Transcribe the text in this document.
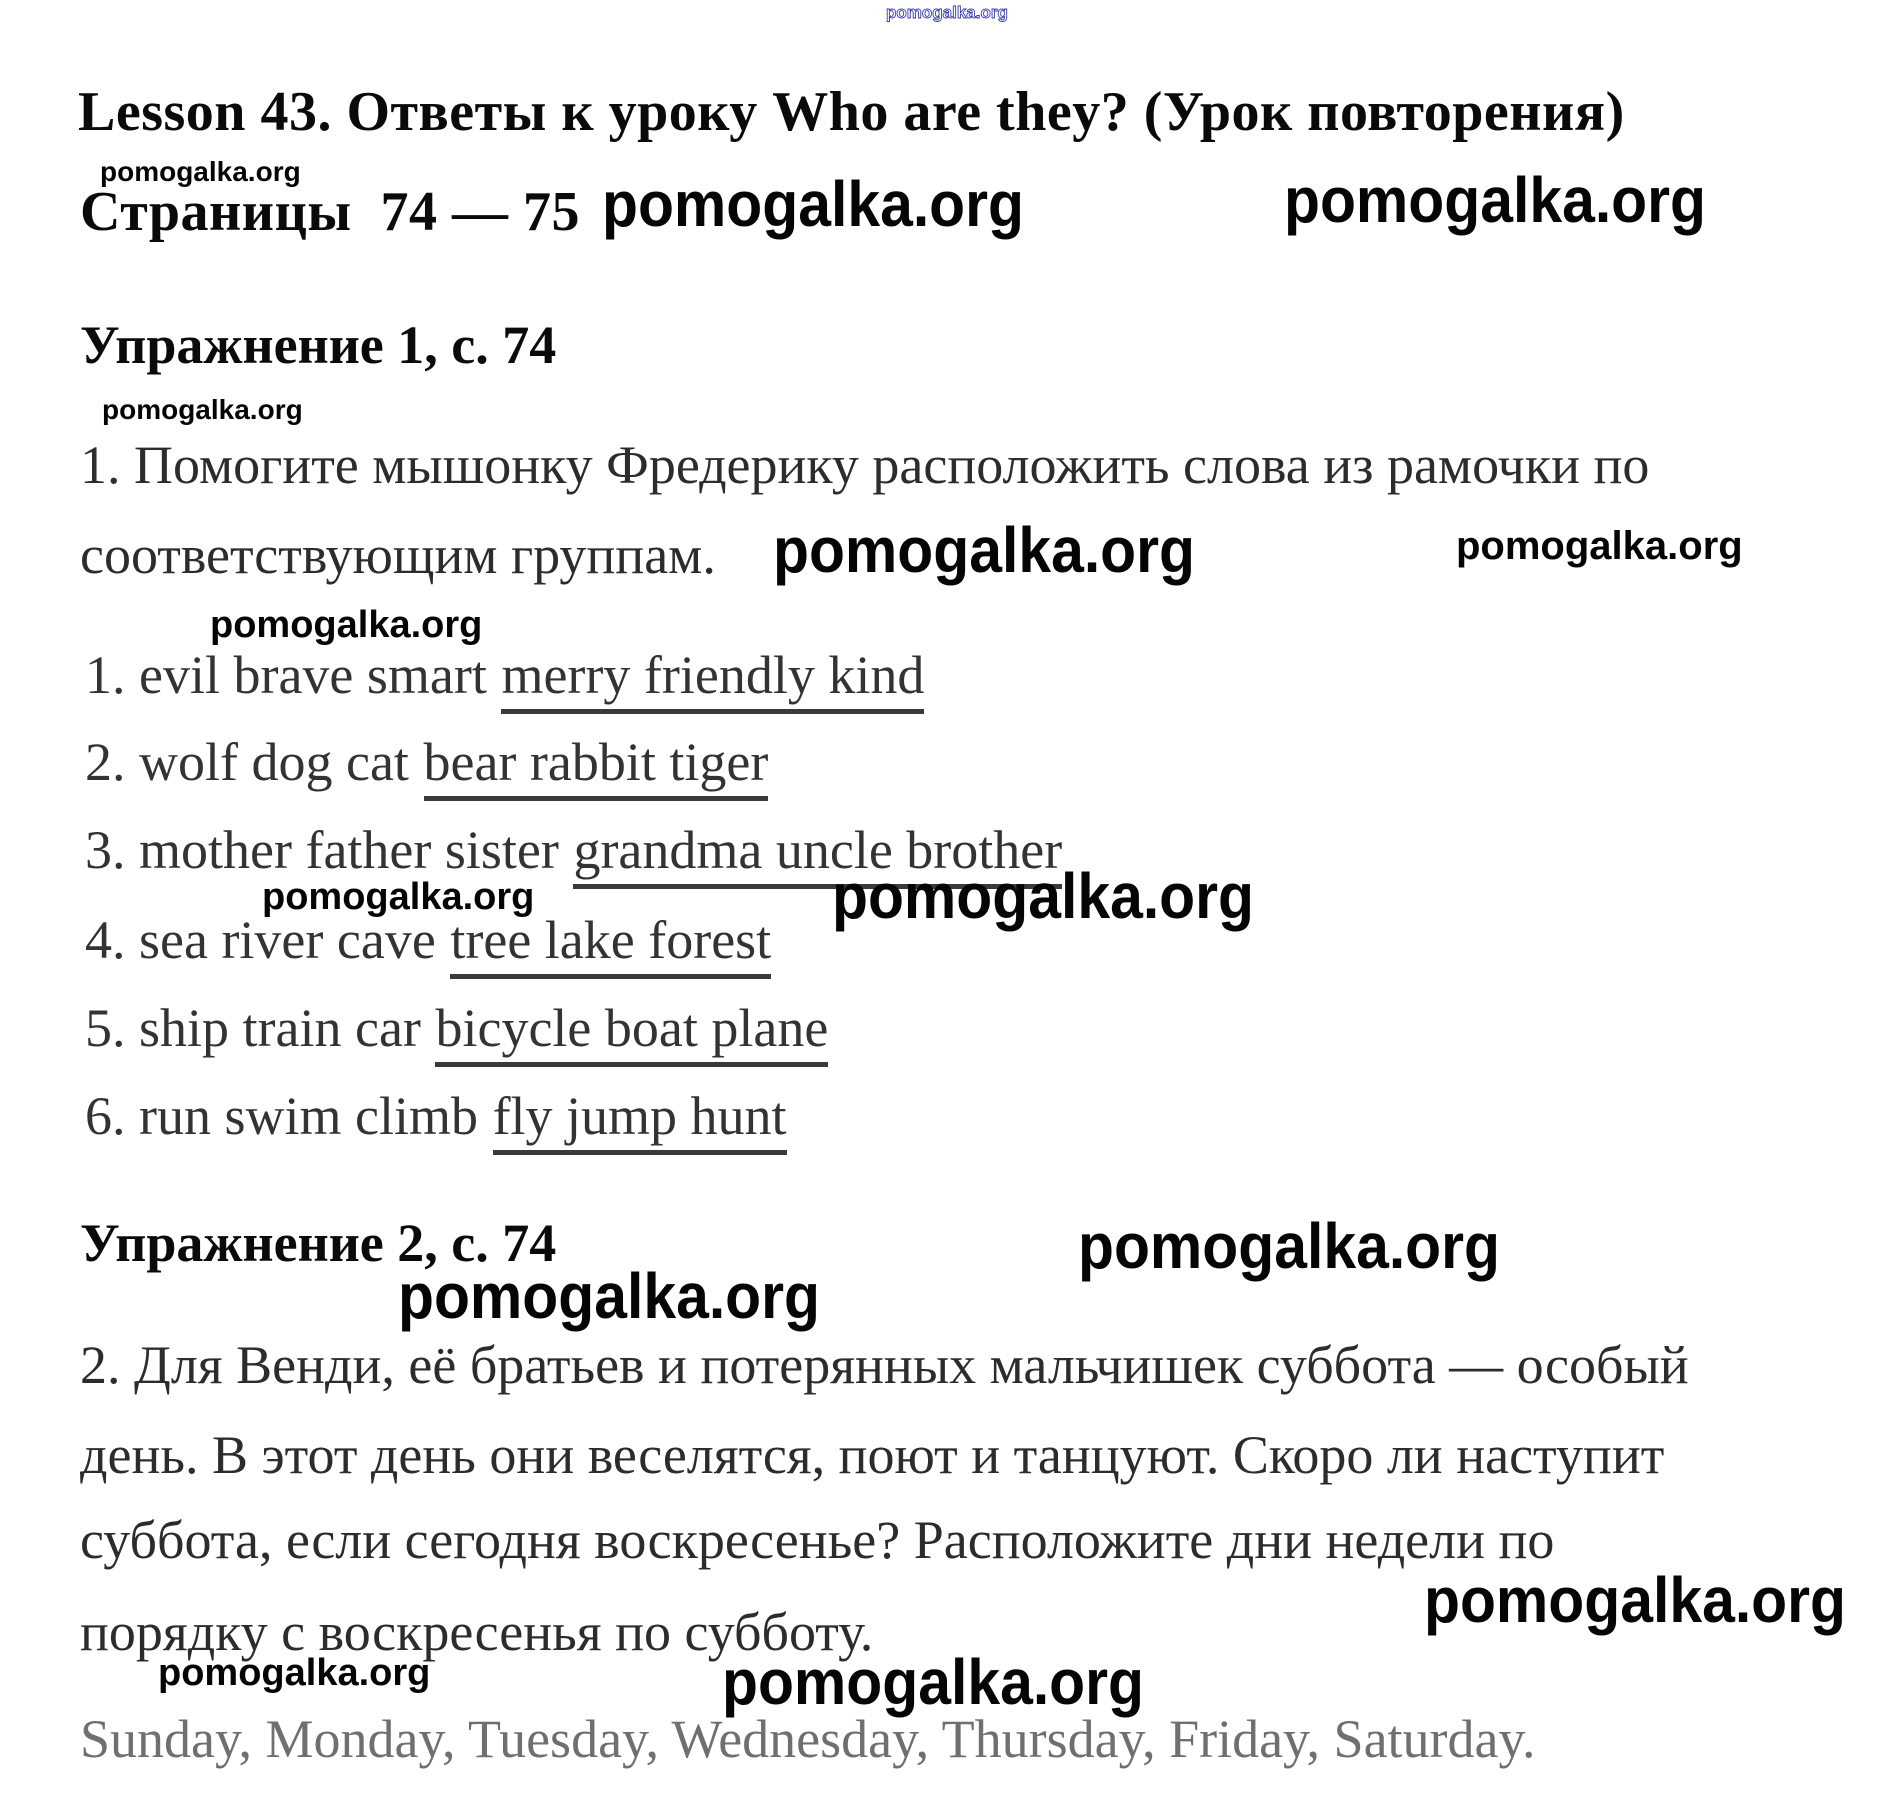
pomogalka.org
Lesson 43. Ответы к уроку Who are they? (Урок повторения)
pomogalka.org
Страницы  74 — 75 pomogalka.org	pomogalka.org
Упражнение 1, с. 74
pomogalka.org
1. Помогите мышонку Фредерику расположить слова из рамочки по
соответствующим группам. pomogalka.org	pomogalka.org
pomogalka.org
1. evil brave smart merry friendly kind
2. wolf dog cat bear rabbit tiger
3. mother father sister grandma uncle brother
pomogalka.org	pomogalka.org
4. sea river cave tree lake forest
5. ship train car bicycle boat plane
6. run swim climb fly jump hunt
Упражнение 2, с. 74	pomogalka.org
pomogalka.org
2. Для Венди, её братьев и потерянных мальчишек суббота — особый
день. В этот день они веселятся, поют и танцуют. Скоро ли наступит
суббота, если сегодня воскресенье? Расположите дни недели по
порядку с воскресенья по субботу.	pomogalka.org
pomogalka.org	pomogalka.org
Sunday, Monday, Tuesday, Wednesday, Thursday, Friday, Saturday.
